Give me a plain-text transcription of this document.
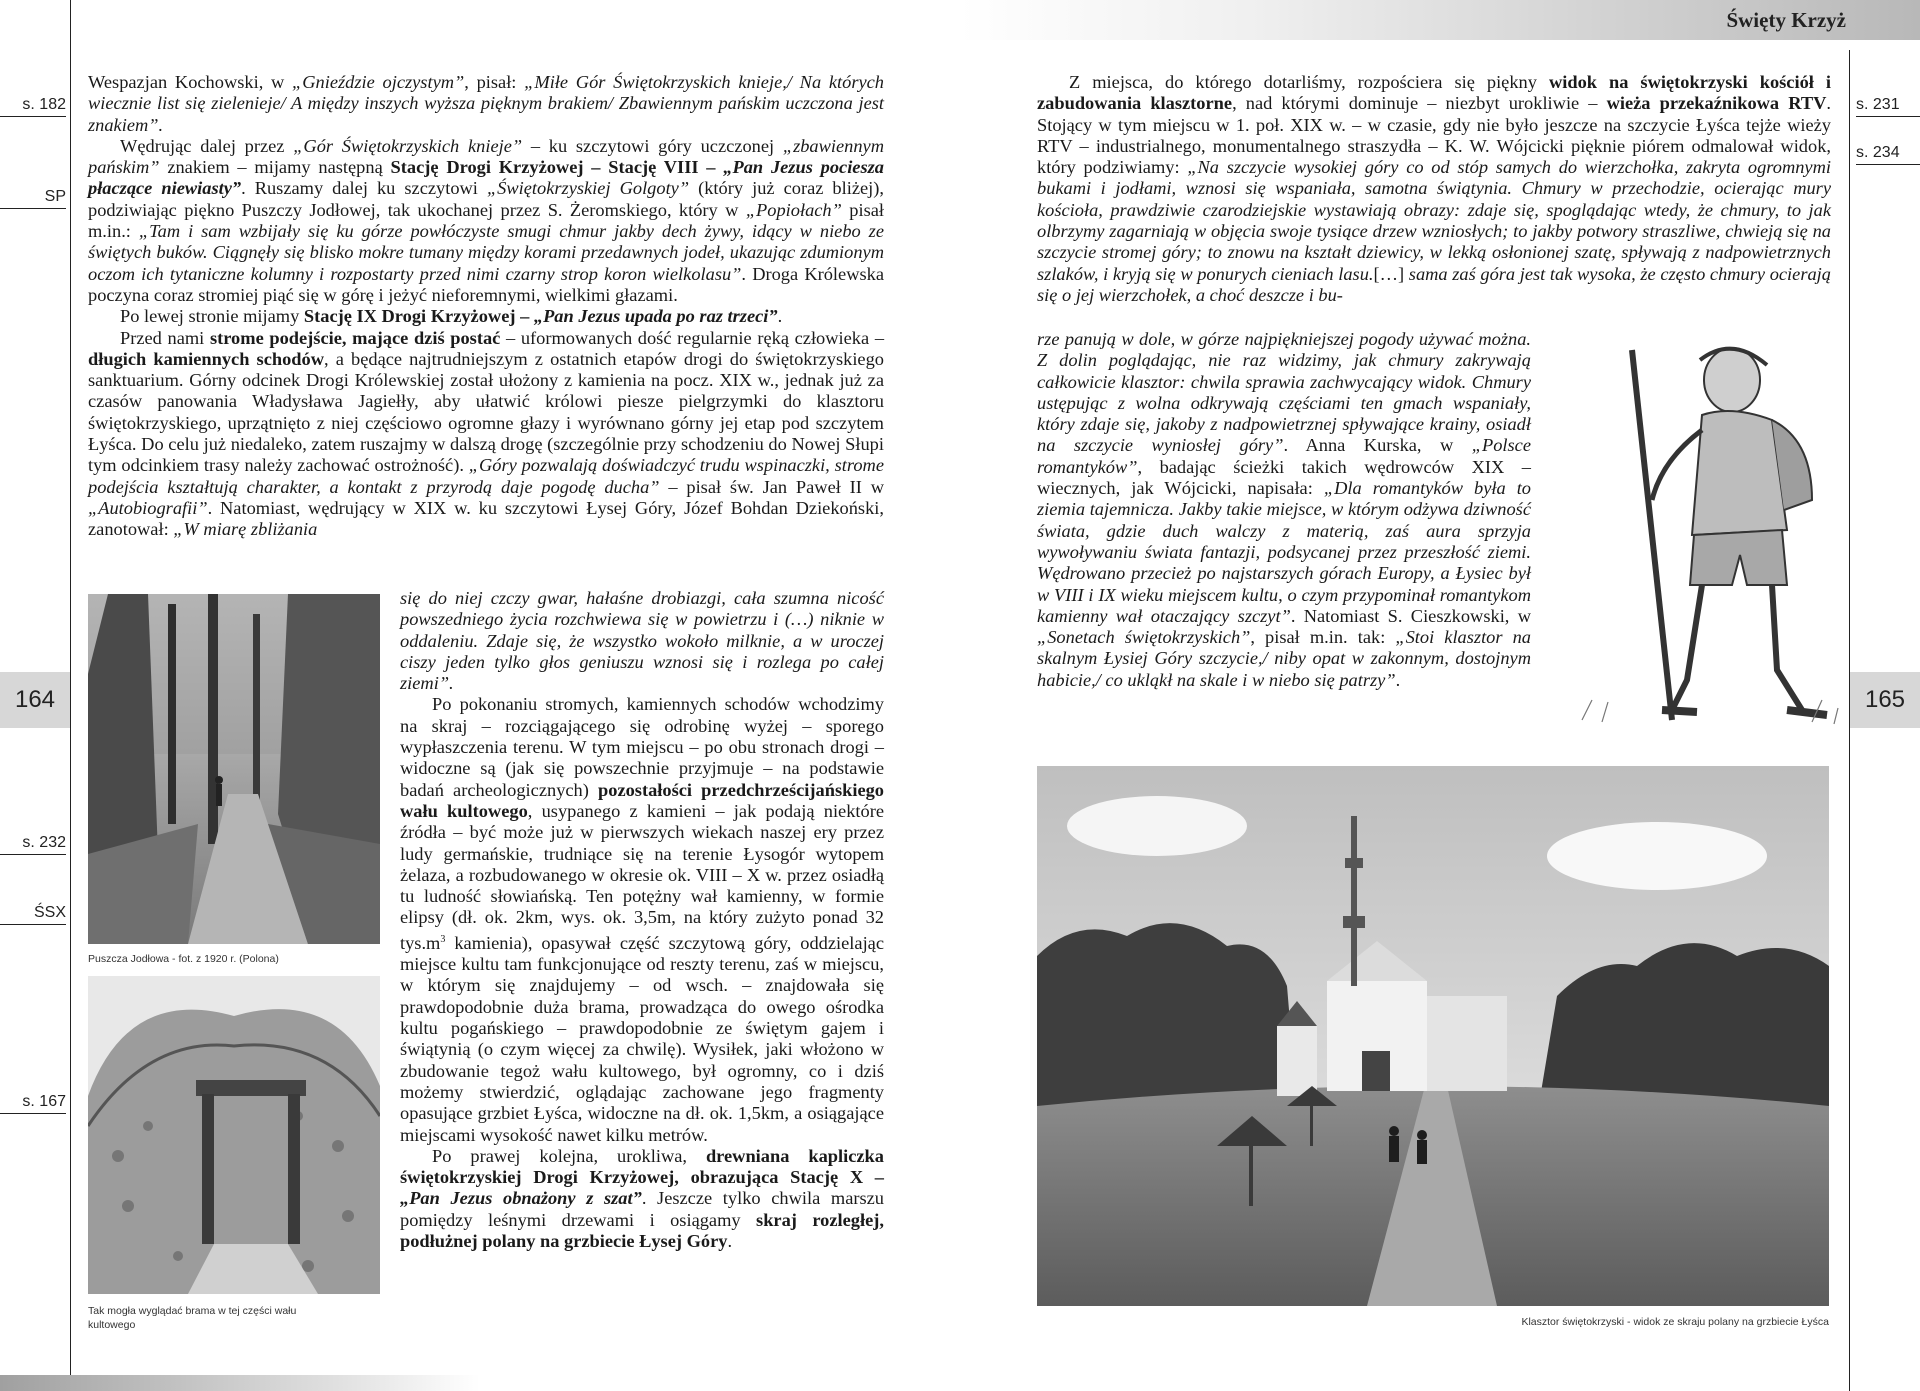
s. 182
SP
164
s. 232
ŚSX
s. 167

Wespazjan Kochowski, w „Gnieździe ojczystym”, pisał: „Miłe Gór Świętokrzyskich knieje,/ Na których wiecznie list się zielenieje/ A między inszych wyższa pięknym brakiem/ Zbawiennym pańskim uczczona jest znakiem”.

Wędrując dalej przez „Gór Świętokrzyskich knieje” – ku szczytowi góry uczczonej „zbawiennym pańskim” znakiem – mijamy następną Stację Drogi Krzyżowej – Stację VIII – „Pan Jezus pociesza płaczące niewiasty”. Ruszamy dalej ku szczytowi „Świętokrzyskiej Golgoty” (który już coraz bliżej), podziwiając piękno Puszczy Jodłowej, tak ukochanej przez S. Żeromskiego, który w „Popiołach” pisał m.in.: „Tam i sam wzbijały się ku górze powłóczyste smugi chmur jakby dech żywy, idący w niebo ze świętych buków. Ciągnęły się blisko mokre tumany między korami przedawnych jodeł, ukazując zdumionym oczom ich tytaniczne kolumny i rozpostarty przed nimi czarny strop koron wielkolasu”. Droga Królewska poczyna coraz stromiej piąć się w górę i jeżyć nieforemnymi, wielkimi głazami.

Po lewej stronie mijamy Stację IX Drogi Krzyżowej – „Pan Jezus upada po raz trzeci”.

Przed nami strome podejście, mające dziś postać – uformowanych dość regularnie ręką człowieka – długich kamiennych schodów, a będące najtrudniejszym z ostatnich etapów drogi do świętokrzyskiego sanktuarium. Górny odcinek Drogi Królewskiej został ułożony z kamienia na pocz. XIX w., jednak już za czasów panowania Władysława Jagiełły, aby ułatwić królowi piesze pielgrzymki do klasztoru świętokrzyskiego, uprzątnięto z niej częściowo ogromne głazy i wyrównano górny jej etap pod szczytem Łyśca. Do celu już niedaleko, zatem ruszajmy w dalszą drogę (szczególnie przy schodzeniu do Nowej Słupi tym odcinkiem trasy należy zachować ostrożność). „Góry pozwalają doświadczyć trudu wspinaczki, strome podejścia kształtują charakter, a kontakt z przyrodą daje pogodę ducha” – pisał św. Jan Paweł II w „Autobiografii”. Natomiast, wędrujący w XIX w. ku szczytowi Łysej Góry, Józef Bohdan Dziekoński, zanotował: „W miarę zbliżania

się do niej czczy gwar, hałaśne drobiazgi, cała szumna nicość powszedniego życia rozchwiewa się w powietrzu i (…) niknie w oddaleniu. Zdaje się, że wszystko wokoło milknie, a w uroczej ciszy jeden tylko głos geniuszu wznosi się i rozlega po całej ziemi”.

Po pokonaniu stromych, kamiennych schodów wchodzimy na skraj – rozciągającego się odrobinę wyżej – sporego wypłaszczenia terenu. W tym miejscu – po obu stronach drogi – widoczne są (jak się powszechnie przyjmuje – na podstawie badań archeologicznych) pozostałości przedchrześcijańskiego wału kultowego, usypanego z kamieni – jak podają niektóre źródła – być może już w pierwszych wiekach naszej ery przez ludy germańskie, trudniące się na terenie Łysogór wytopem żelaza, a rozbudowanego w okresie ok. VIII – X w. przez osiadłą tu ludność słowiańską. Ten potężny wał kamienny, w formie elipsy (dł. ok. 2km, wys. ok. 3,5m, na który zużyto ponad 32 $tys.m^3$ kamienia), opasywał część szczytową góry, oddzielając miejsce kultu tam funkcjonujące od reszty terenu, zaś w miejscu, w którym się znajdujemy – od wsch. – znajdowała się prawdopodobnie duża brama, prowadząca do owego ośrodka kultu pogańskiego – prawdopodobnie ze świętym gajem i świątynią (o czym więcej za chwilę). Wysiłek, jaki włożono w zbudowanie tegoż wału kultowego, był ogromny, co i dziś możemy stwierdzić, oglądając zachowane jego fragmenty opasujące grzbiet Łyśca, widoczne na dł. ok. 1,5km, a osiągające miejscami wysokość nawet kilku metrów.

Po prawej kolejna, urokliwa, drewniana kapliczka świętokrzyskiej Drogi Krzyżowej, obrazująca Stację X – „Pan Jezus obnażony z szat”. Jeszcze tylko chwila marszu pomiędzy leśnymi drzewami i osiągamy skraj rozległej, podłużnej polany na grzbiecie Łysej Góry.

Puszcza Jodłowa - fot. z 1920 r. (Polona)
Tak mogła wyglądać brama w tej części wału kultowego
Święty Krzyż
s. 231
s. 234
165

Z miejsca, do którego dotarliśmy, rozpościera się piękny widok na świętokrzyski kościół i zabudowania klasztorne, nad którymi dominuje – niezbyt urokliwie – wieża przekaźnikowa RTV. Stojący w tym miejscu w 1. poł. XIX w. – w czasie, gdy nie było jeszcze na szczycie Łyśca tejże wieży RTV – industrialnego, monumentalnego straszydła – K. W. Wójcicki pięknie piórem odmalował widok, który podziwiamy: „Na szczycie wysokiej góry co od stóp samych do wierzchołka, zakryta ogromnymi bukami i jodłami, wznosi się wspaniała, samotna świątynia. Chmury w przechodzie, ocierając mury kościoła, prawdziwie czarodziejskie wystawiają obrazy: zdaje się, spoglądając wtedy, że chmury, to jak olbrzymy zagarniają w objęcia swoje tysiące drzew wzniosłych; to jakby potwory straszliwe, chwieją się na szczycie stromej góry; to znowu na kształt dziewicy, w lekką osłonionej szatę, spływają z nadpowietrznych szlaków, i kryją się w ponurych cieniach lasu.[…] sama zaś góra jest tak wysoka, że często chmury ocierają się o jej wierzchołek, a choć deszcze i bu-

rze panują w dole, w górze najpiękniejszej pogody używać można. Z dolin poglądając, nie raz widzimy, jak chmury zakrywają całkowicie klasztor: chwila sprawia zachwycający widok. Chmury ustępując z wolna odkrywają częściami ten gmach wspaniały, który zdaje się, jakoby z nadpowietrznej spływające krainy, osiadł na szczycie wyniosłej góry”. Anna Kurska, w „Polsce romantyków”, badając ścieżki takich wędrowców XIX – wiecznych, jak Wójcicki, napisała: „Dla romantyków była to ziemia tajemnicza. Jakby takie miejsce, w którym odżywa dziwność świata, gdzie duch walczy z materią, zaś aura sprzyja wywoływaniu świata fantazji, podsycanej przez przeszłość ziemi. Wędrowano przecież po najstarszych górach Europy, a Łysiec był w VIII i IX wieku miejscem kultu, o czym przypominał romantykom kamienny wał otaczający szczyt”. Natomiast S. Cieszkowski, w „Sonetach świętokrzyskich”, pisał m.in. tak: „Stoi klasztor na skalnym Łysiej Góry szczycie,/ niby opat w zakonnym, dostojnym habicie,/ co ukląkł na skale i w niebo się patrzy”.

Klasztor świętokrzyski - widok ze skraju polany na grzbiecie Łyśca
